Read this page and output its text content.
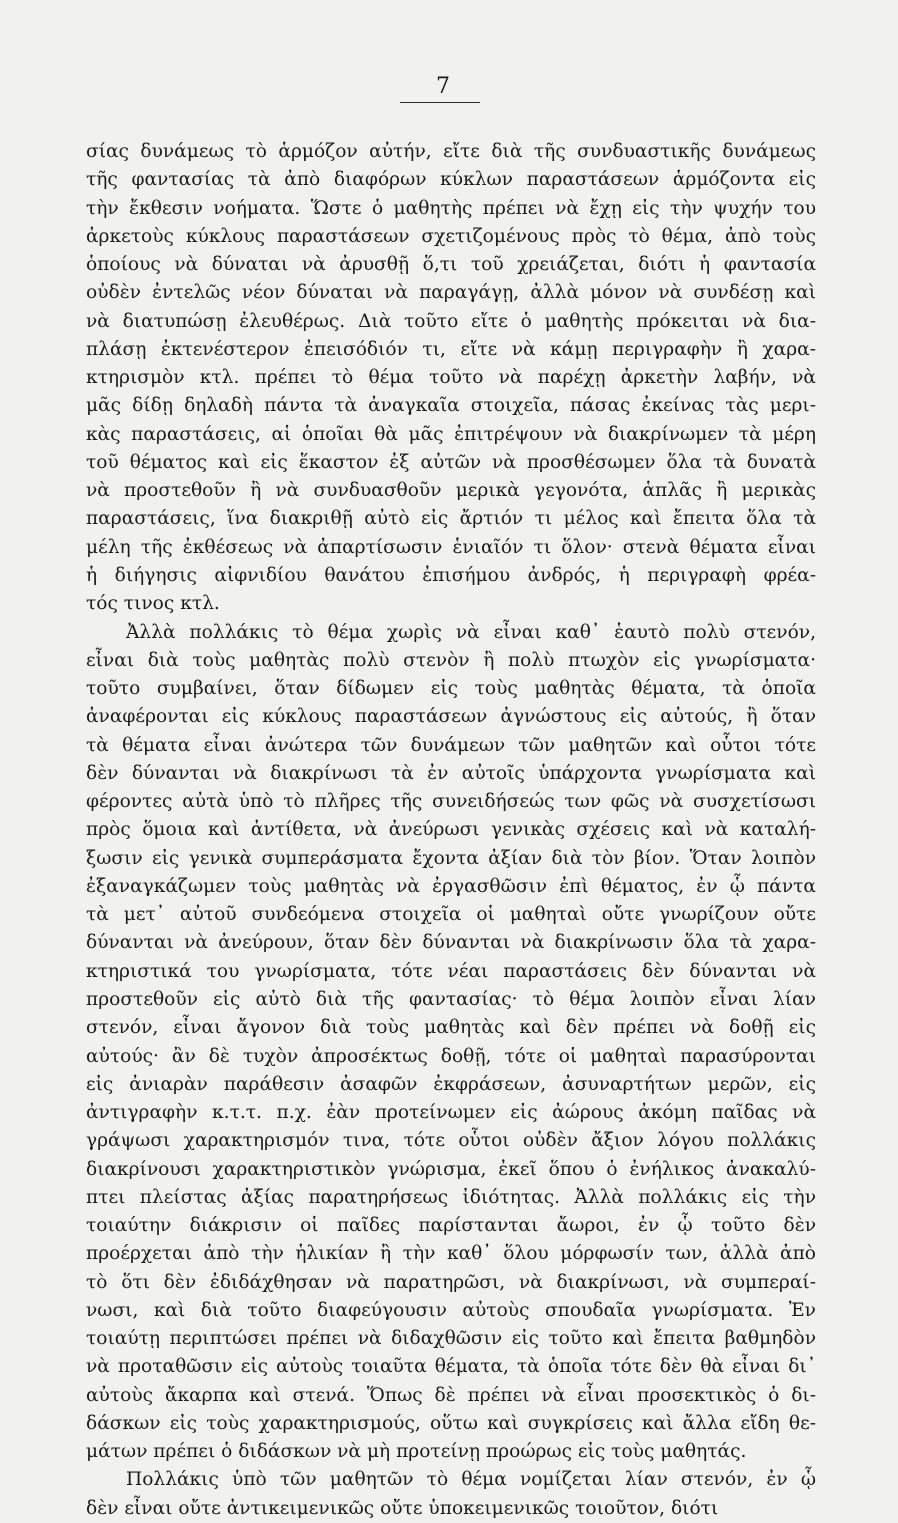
7
σίας δυνάμεως τὸ ἁρμόζον αὐτήν, εἴτε διὰ τῆς συνδυαστικῆς δυνάμεως
τῆς φαντασίας τὰ ἀπὸ διαφόρων κύκλων παραστάσεων ἁρμόζοντα εἰς
τὴν ἔκθεσιν νοήματα. Ὥστε ὁ μαθητὴς πρέπει νὰ ἔχῃ εἰς τὴν ψυχήν του
ἀρκετοὺς κύκλους παραστάσεων σχετιζομένους πρὸς τὸ θέμα, ἀπὸ τοὺς
ὁποίους νὰ δύναται νὰ ἀρυσθῇ ὅ,τι τοῦ χρειάζεται, διότι ἡ φαντασία
οὐδὲν ἐντελῶς νέον δύναται νὰ παραγάγῃ, ἀλλὰ μόνον νὰ συνδέσῃ καὶ
νὰ διατυπώσῃ ἐλευθέρως. Διὰ τοῦτο εἴτε ὁ μαθητὴς πρόκειται νὰ δια-
πλάσῃ ἐκτενέστερον ἐπεισόδιόν τι, εἴτε νὰ κάμῃ περιγραφὴν ἢ χαρα-
κτηρισμὸν κτλ. πρέπει τὸ θέμα τοῦτο νὰ παρέχῃ ἀρκετὴν λαβήν, νὰ
μᾶς δίδῃ δηλαδὴ πάντα τὰ ἀναγκαῖα στοιχεῖα, πάσας ἐκείνας τὰς μερι-
κὰς παραστάσεις, αἱ ὁποῖαι θὰ μᾶς ἐπιτρέψουν νὰ διακρίνωμεν τὰ μέρη
τοῦ θέματος καὶ εἰς ἕκαστον ἐξ αὐτῶν νὰ προσθέσωμεν ὅλα τὰ δυνατὰ
νὰ προστεθοῦν ἢ νὰ συνδυασθοῦν μερικὰ γεγονότα, ἁπλᾶς ἢ μερικὰς
παραστάσεις, ἵνα διακριθῇ αὐτὸ εἰς ἄρτιόν τι μέλος καὶ ἔπειτα ὅλα τὰ
μέλη τῆς ἐκθέσεως νὰ ἀπαρτίσωσιν ἑνιαῖόν τι ὅλον· στενὰ θέματα εἶναι
ἡ διήγησις αἰφνιδίου θανάτου ἐπισήμου ἀνδρός, ἡ περιγραφὴ φρέα-
τός τινος κτλ.
Ἀλλὰ πολλάκις τὸ θέμα χωρὶς νὰ εἶναι καθ᾽ ἑαυτὸ πολὺ στενόν,
εἶναι διὰ τοὺς μαθητὰς πολὺ στενὸν ἢ πολὺ πτωχὸν εἰς γνωρίσματα·
τοῦτο συμβαίνει, ὅταν δίδωμεν εἰς τοὺς μαθητὰς θέματα, τὰ ὁποῖα
ἀναφέρονται εἰς κύκλους παραστάσεων ἀγνώστους εἰς αὐτούς, ἢ ὅταν
τὰ θέματα εἶναι ἀνώτερα τῶν δυνάμεων τῶν μαθητῶν καὶ οὗτοι τότε
δὲν δύνανται νὰ διακρίνωσι τὰ ἐν αὐτοῖς ὑπάρχοντα γνωρίσματα καὶ
φέροντες αὐτὰ ὑπὸ τὸ πλῆρες τῆς συνειδήσεώς των φῶς νὰ συσχετίσωσι
πρὸς ὅμοια καὶ ἀντίθετα, νὰ ἀνεύρωσι γενικὰς σχέσεις καὶ νὰ καταλή-
ξωσιν εἰς γενικὰ συμπεράσματα ἔχοντα ἀξίαν διὰ τὸν βίον. Ὅταν λοιπὸν
ἐξαναγκάζωμεν τοὺς μαθητὰς νὰ ἐργασθῶσιν ἐπὶ θέματος, ἐν ᾧ πάντα
τὰ μετ᾽ αὐτοῦ συνδεόμενα στοιχεῖα οἱ μαθηταὶ οὔτε γνωρίζουν οὔτε
δύνανται νὰ ἀνεύρουν, ὅταν δὲν δύνανται νὰ διακρίνωσιν ὅλα τὰ χαρα-
κτηριστικά του γνωρίσματα, τότε νέαι παραστάσεις δὲν δύνανται νὰ
προστεθοῦν εἰς αὐτὸ διὰ τῆς φαντασίας· τὸ θέμα λοιπὸν εἶναι λίαν
στενόν, εἶναι ἄγονον διὰ τοὺς μαθητὰς καὶ δὲν πρέπει νὰ δοθῇ εἰς
αὐτούς· ἂν δὲ τυχὸν ἀπροσέκτως δοθῇ, τότε οἱ μαθηταὶ παρασύρονται
εἰς ἀνιαρὰν παράθεσιν ἀσαφῶν ἐκφράσεων, ἀσυναρτήτων μερῶν, εἰς
ἀντιγραφὴν κ.τ.τ. π.χ. ἐὰν προτείνωμεν εἰς ἀώρους ἀκόμη παῖδας νὰ
γράψωσι χαρακτηρισμόν τινα, τότε οὗτοι οὐδὲν ἄξιον λόγου πολλάκις
διακρίνουσι χαρακτηριστικὸν γνώρισμα, ἐκεῖ ὅπου ὁ ἐνήλικος ἀνακαλύ-
πτει πλείστας ἀξίας παρατηρήσεως ἰδιότητας. Ἀλλὰ πολλάκις εἰς τὴν
τοιαύτην διάκρισιν οἱ παῖδες παρίστανται ἄωροι, ἐν ᾧ τοῦτο δὲν
προέρχεται ἀπὸ τὴν ἡλικίαν ἢ τὴν καθ᾽ ὅλου μόρφωσίν των, ἀλλὰ ἀπὸ
τὸ ὅτι δὲν ἐδιδάχθησαν νὰ παρατηρῶσι, νὰ διακρίνωσι, νὰ συμπεραί-
νωσι, καὶ διὰ τοῦτο διαφεύγουσιν αὐτοὺς σπουδαῖα γνωρίσματα. Ἐν
τοιαύτῃ περιπτώσει πρέπει νὰ διδαχθῶσιν εἰς τοῦτο καὶ ἔπειτα βαθμηδὸν
νὰ προταθῶσιν εἰς αὐτοὺς τοιαῦτα θέματα, τὰ ὁποῖα τότε δὲν θὰ εἶναι δι᾽
αὐτοὺς ἄκαρπα καὶ στενά. Ὅπως δὲ πρέπει νὰ εἶναι προσεκτικὸς ὁ δι-
δάσκων εἰς τοὺς χαρακτηρισμούς, οὕτω καὶ συγκρίσεις καὶ ἄλλα εἴδη θε-
μάτων πρέπει ὁ διδάσκων νὰ μὴ προτείνῃ προώρως εἰς τοὺς μαθητάς.
Πολλάκις ὑπὸ τῶν μαθητῶν τὸ θέμα νομίζεται λίαν στενόν, ἐν ᾧ
δὲν εἶναι οὔτε ἀντικειμενικῶς οὔτε ὑποκειμενικῶς τοιοῦτον, διότι
